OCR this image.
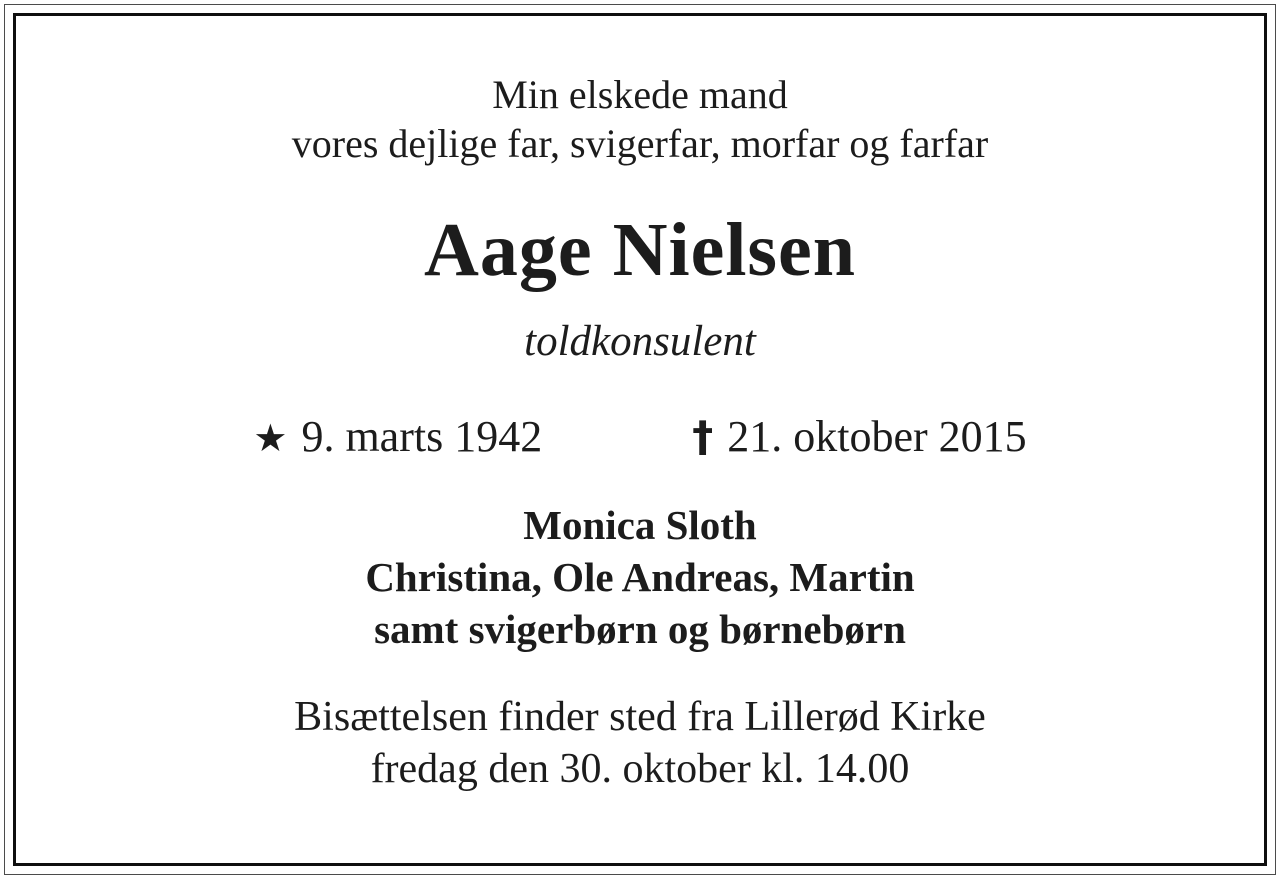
Min elskede mand
vores dejlige far, svigerfar, morfar og farfar
Aage Nielsen
toldkonsulent
★ 9. marts 1942	† 21. oktober 2015
Monica Sloth
Christina, Ole Andreas, Martin
samt svigerbørn og børnebørn
Bisættelsen finder sted fra Lillerød Kirke
fredag den 30. oktober kl. 14.00
